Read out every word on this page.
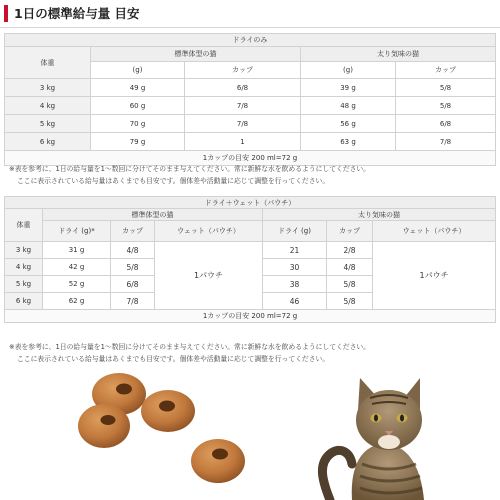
1日の標準給与量 目安
ドライのみ				
体重	標準体型の猫		太り気味の猫	
	(g)	カップ	(g)	カップ
3 kg	49 g	6/8	39 g	5/8
4 kg	60 g	7/8	48 g	5/8
5 kg	70 g	7/8	56 g	6/8
6 kg	79 g	1	63 g	7/8
1カップの目安 200 ml=72 g				
※表を参考に、1日の給与量を1〜数回に分けてそのまま与えてください。常に新鮮な水を飲めるようにしてください。
ここに表示されている給与量はあくまでも目安です。個体差や活動量に応じて調整を行ってください。
ドライ＋ウェット（パウチ）						
体重	標準体型の猫			太り気味の猫		
	ドライ (g)*	カップ	ウェット（パウチ）	ドライ (g)	カップ	ウェット（パウチ）
3 kg	31 g	4/8	1パウチ	21	2/8	1パウチ
4 kg	42 g	5/8		30	4/8	
5 kg	52 g	6/8		38	5/8	
6 kg	62 g	7/8		46	5/8	
1カップの目安 200 ml=72 g						
※表を参考に、1日の給与量を1〜数回に分けてそのまま与えてください。常に新鮮な水を飲めるようにしてください。
ここに表示されている給与量はあくまでも目安です。個体差や活動量に応じて調整を行ってください。
